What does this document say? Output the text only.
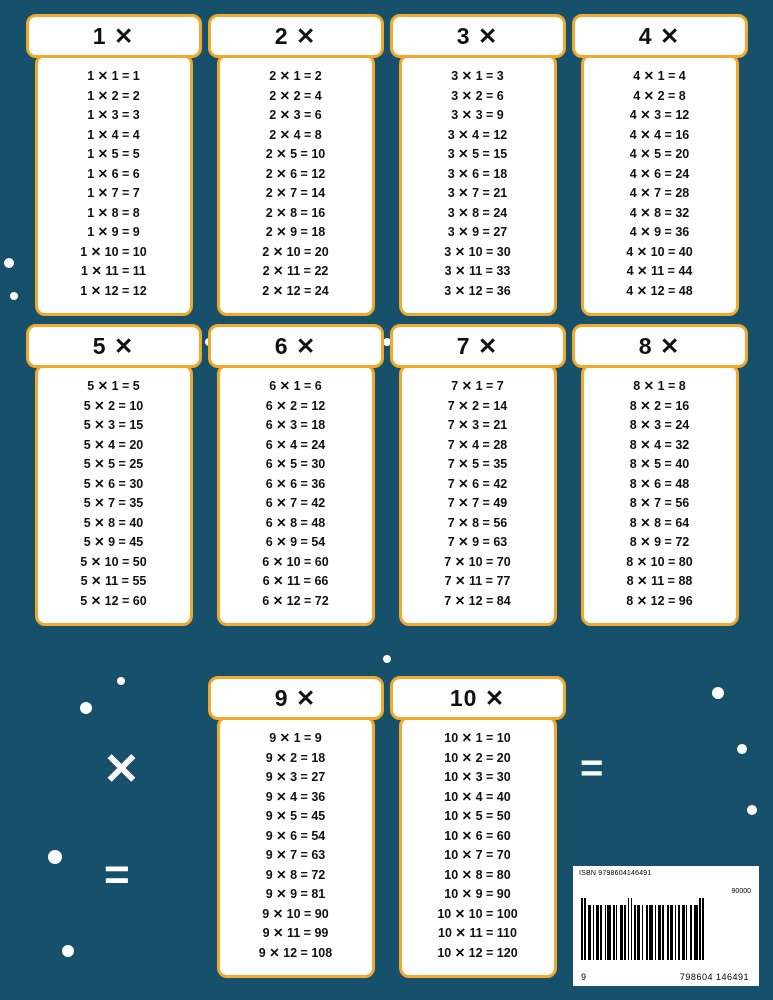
✕
=
=
1 ✕
1 ✕ 1 = 1
1 ✕ 2 = 2
1 ✕ 3 = 3
1 ✕ 4 = 4
1 ✕ 5 = 5
1 ✕ 6 = 6
1 ✕ 7 = 7
1 ✕ 8 = 8
1 ✕ 9 = 9
1 ✕ 10 = 10
1 ✕ 11 = 11
1 ✕ 12 = 12
2 ✕
2 ✕ 1 = 2
2 ✕ 2 = 4
2 ✕ 3 = 6
2 ✕ 4 = 8
2 ✕ 5 = 10
2 ✕ 6 = 12
2 ✕ 7 = 14
2 ✕ 8 = 16
2 ✕ 9 = 18
2 ✕ 10 = 20
2 ✕ 11 = 22
2 ✕ 12 = 24
3 ✕
3 ✕ 1 = 3
3 ✕ 2 = 6
3 ✕ 3 = 9
3 ✕ 4 = 12
3 ✕ 5 = 15
3 ✕ 6 = 18
3 ✕ 7 = 21
3 ✕ 8 = 24
3 ✕ 9 = 27
3 ✕ 10 = 30
3 ✕ 11 = 33
3 ✕ 12 = 36
4 ✕
4 ✕ 1 = 4
4 ✕ 2 = 8
4 ✕ 3 = 12
4 ✕ 4 = 16
4 ✕ 5 = 20
4 ✕ 6 = 24
4 ✕ 7 = 28
4 ✕ 8 = 32
4 ✕ 9 = 36
4 ✕ 10 = 40
4 ✕ 11 = 44
4 ✕ 12 = 48
5 ✕
5 ✕ 1 = 5
5 ✕ 2 = 10
5 ✕ 3 = 15
5 ✕ 4 = 20
5 ✕ 5 = 25
5 ✕ 6 = 30
5 ✕ 7 = 35
5 ✕ 8 = 40
5 ✕ 9 = 45
5 ✕ 10 = 50
5 ✕ 11 = 55
5 ✕ 12 = 60
6 ✕
6 ✕ 1 = 6
6 ✕ 2 = 12
6 ✕ 3 = 18
6 ✕ 4 = 24
6 ✕ 5 = 30
6 ✕ 6 = 36
6 ✕ 7 = 42
6 ✕ 8 = 48
6 ✕ 9 = 54
6 ✕ 10 = 60
6 ✕ 11 = 66
6 ✕ 12 = 72
7 ✕
7 ✕ 1 = 7
7 ✕ 2 = 14
7 ✕ 3 = 21
7 ✕ 4 = 28
7 ✕ 5 = 35
7 ✕ 6 = 42
7 ✕ 7 = 49
7 ✕ 8 = 56
7 ✕ 9 = 63
7 ✕ 10 = 70
7 ✕ 11 = 77
7 ✕ 12 = 84
8 ✕
8 ✕ 1 = 8
8 ✕ 2 = 16
8 ✕ 3 = 24
8 ✕ 4 = 32
8 ✕ 5 = 40
8 ✕ 6 = 48
8 ✕ 7 = 56
8 ✕ 8 = 64
8 ✕ 9 = 72
8 ✕ 10 = 80
8 ✕ 11 = 88
8 ✕ 12 = 96
9 ✕
9 ✕ 1 = 9
9 ✕ 2 = 18
9 ✕ 3 = 27
9 ✕ 4 = 36
9 ✕ 5 = 45
9 ✕ 6 = 54
9 ✕ 7 = 63
9 ✕ 8 = 72
9 ✕ 9 = 81
9 ✕ 10 = 90
9 ✕ 11 = 99
9 ✕ 12 = 108
10 ✕
10 ✕ 1 = 10
10 ✕ 2 = 20
10 ✕ 3 = 30
10 ✕ 4 = 40
10 ✕ 5 = 50
10 ✕ 6 = 60
10 ✕ 7 = 70
10 ✕ 8 = 80
10 ✕ 9 = 90
10 ✕ 10 = 100
10 ✕ 11 = 110
10 ✕ 12 = 120
ISBN 9798604146491
90000
9	798604 146491
